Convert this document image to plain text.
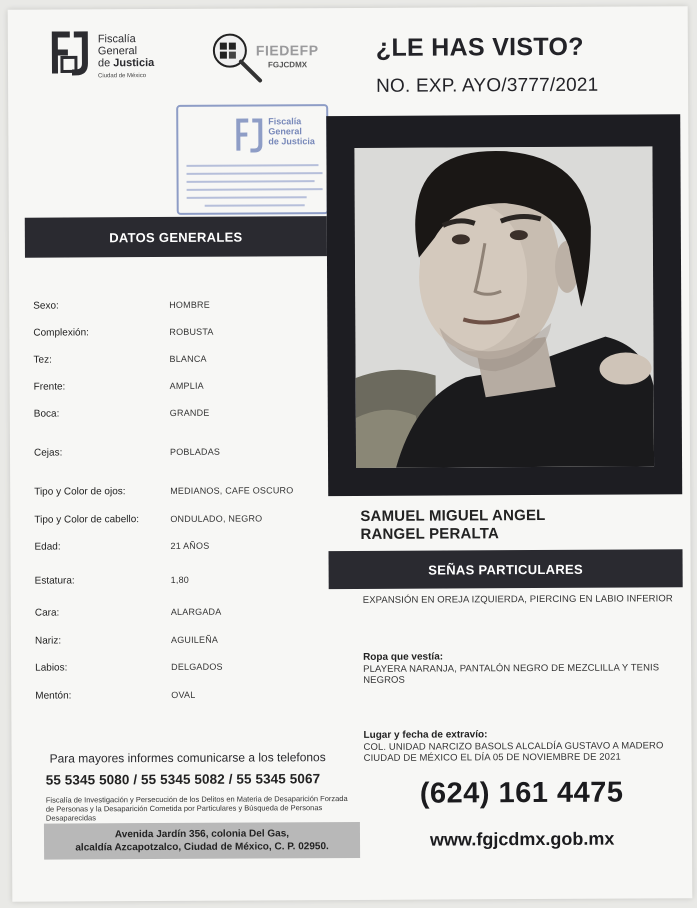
Fiscalía
General
de Justicia
Ciudad de México
FIEDEFP
FGJCDMX
¿LE HAS VISTO?
NO. EXP. AYO/3777/2021
Fiscalía
General
de Justicia
DATOS GENERALES
Sexo:	HOMBRE
Complexión:	ROBUSTA
Tez:	BLANCA
Frente:	AMPLIA
Boca:	GRANDE
Cejas:	POBLADAS
Tipo y Color de ojos:	MEDIANOS, CAFE OSCURO
Tipo y Color de cabello:	ONDULADO, NEGRO
Edad:	21 AÑOS
Estatura:	1,80
Cara:	ALARGADA
Nariz:	AGUILEÑA
Labios:	DELGADOS
Mentón:	OVAL
Para mayores informes comunicarse a los telefonos
55 5345 5080 / 55 5345 5082 / 55 5345 5067
Fiscalía de Investigación y Persecución de los Delitos en Materia de Desaparición Forzada de Personas y la Desaparición Cometida por Particulares y Búsqueda de Personas Desaparecidas
Avenida Jardín 356, colonia Del Gas,
alcaldía Azcapotzalco, Ciudad de México, C. P. 02950.
SAMUEL MIGUEL ANGEL
RANGEL PERALTA
SEÑAS PARTICULARES
EXPANSIÓN EN OREJA IZQUIERDA, PIERCING EN LABIO INFERIOR
Ropa que vestía:
PLAYERA NARANJA, PANTALÓN NEGRO DE MEZCLILLA Y TENIS NEGROS
Lugar y fecha de extravío:
COL. UNIDAD NARCIZO BASOLS ALCALDÍA GUSTAVO A MADERO CIUDAD DE MÉXICO EL DÍA 05 DE NOVIEMBRE DE 2021
(624) 161 4475
www.fgjcdmx.gob.mx
